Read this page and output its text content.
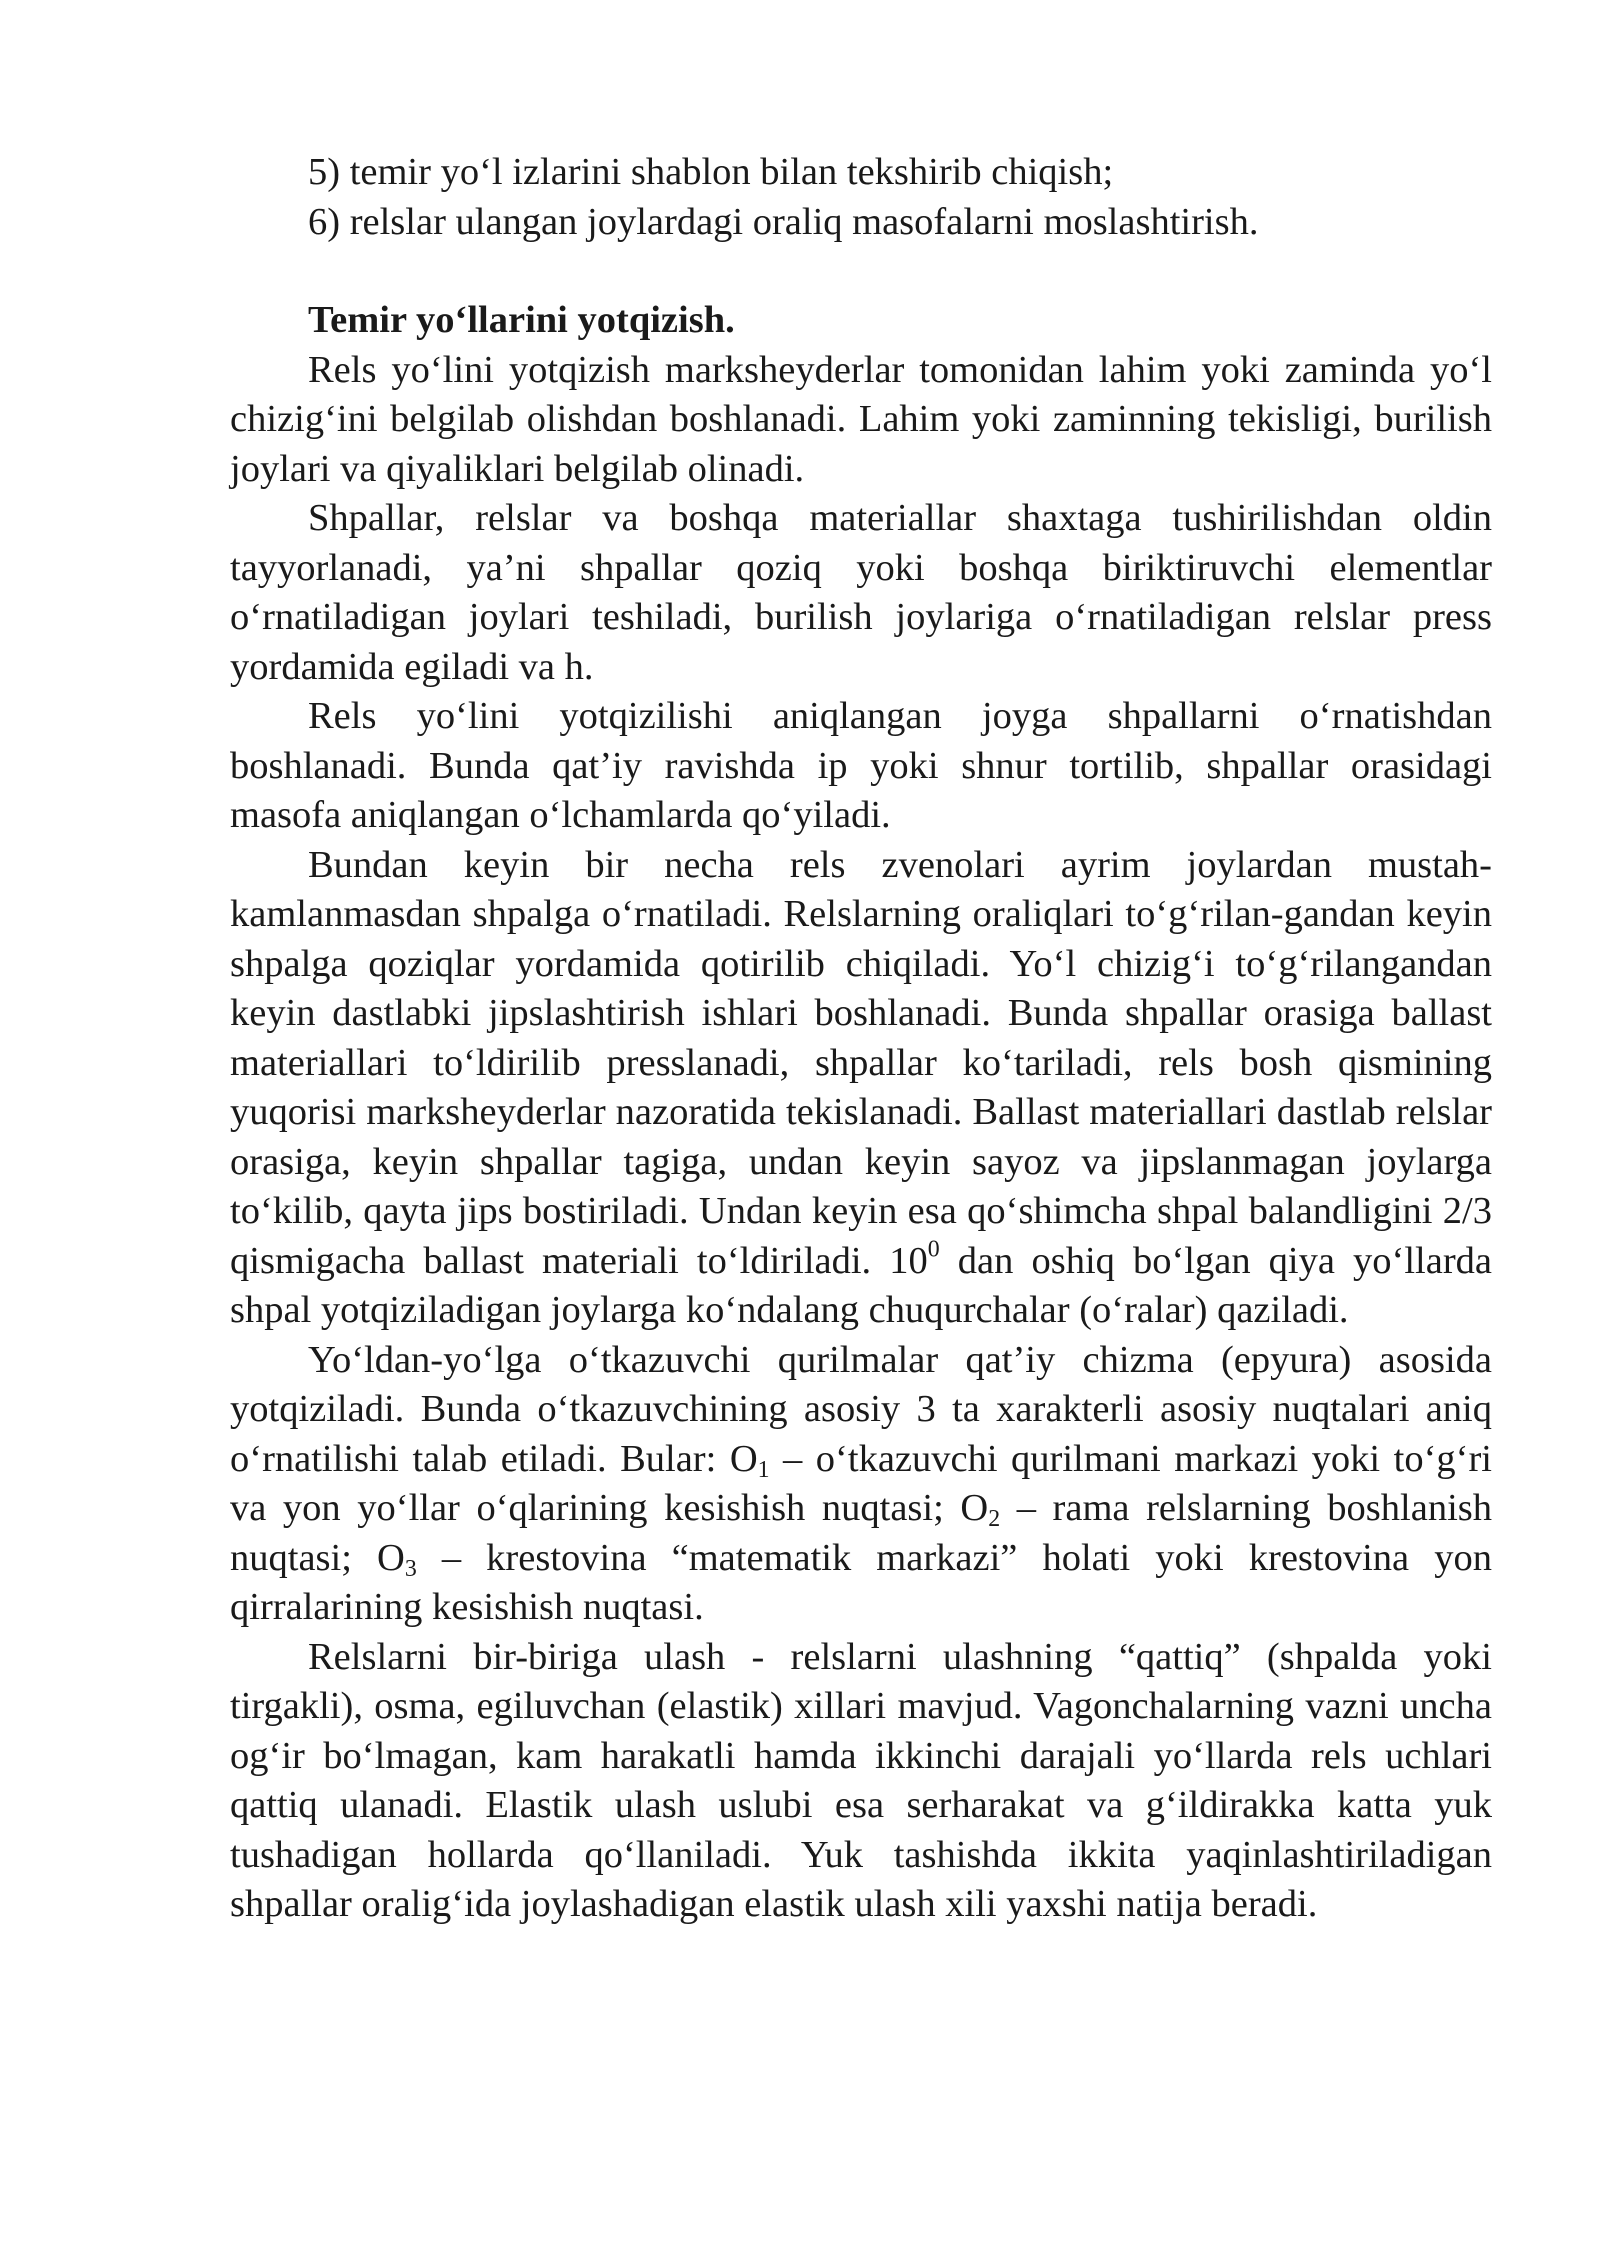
5) temir yo‘l izlarini shablon bilan tekshirib chiqish;

6) relslar ulangan joylardagi oraliq masofalarni moslashtirish.

Temir yo‘llarini yotqizish.

Rels yo‘lini yotqizish marksheyderlar tomonidan lahim yoki zaminda yo‘l chizig‘ini belgilab olishdan boshlanadi. Lahim yoki zaminning tekisligi, burilish joylari va qiyaliklari belgilab olinadi.

Shpallar, relslar va boshqa materiallar shaxtaga tushirilishdan oldin tayyorlanadi, ya’ni shpallar qoziq yoki boshqa biriktiruvchi elementlar o‘rnatiladigan joylari teshiladi, burilish joylariga o‘rnatiladigan relslar press yordamida egiladi va h.

Rels yo‘lini yotqizilishi aniqlangan joyga shpallarni o‘rnatishdan boshlanadi. Bunda qat’iy ravishda ip yoki shnur tortilib, shpallar orasidagi masofa aniqlangan o‘lchamlarda qo‘yiladi.

Bundan keyin bir necha rels zvenolari ayrim joylardan mustah-kamlanmasdan shpalga o‘rnatiladi. Relslarning oraliqlari to‘g‘rilan-gandan keyin shpalga qoziqlar yordamida qotirilib chiqiladi. Yo‘l chizig‘i to‘g‘rilangandan keyin dastlabki jipslashtirish ishlari boshlanadi. Bunda shpallar orasiga ballast materiallari to‘ldirilib presslanadi, shpallar ko‘tariladi, rels bosh qismining yuqorisi marksheyderlar nazoratida tekislanadi. Ballast materiallari dastlab relslar orasiga, keyin shpallar tagiga, undan keyin sayoz va jipslanmagan joylarga to‘kilib, qayta jips bostiriladi. Undan keyin esa qo‘shimcha shpal balandligini 2/3 qismigacha ballast materiali to‘ldiriladi. $10^0$ dan oshiq bo‘lgan qiya yo‘llarda shpal yotqiziladigan joylarga ko‘ndalang chuqurchalar (o‘ralar) qaziladi.

Yo‘ldan-yo‘lga o‘tkazuvchi qurilmalar qat’iy chizma (epyura) asosida yotqiziladi. Bunda o‘tkazuvchining asosiy 3 ta xarakterli asosiy nuqtalari aniq o‘rnatilishi talab etiladi. Bular: $O_1$ – o‘tkazuvchi qurilmani markazi yoki to‘g‘ri va yon yo‘llar o‘qlarining kesishish nuqtasi; $O_2$ – rama relslarning boshlanish nuqtasi; $O_3$ – krestovina “matematik markazi” holati yoki krestovina yon qirralarining kesishish nuqtasi.

Relslarni bir-biriga ulash - relslarni ulashning “qattiq” (shpalda yoki tirgakli), osma, egiluvchan (elastik) xillari mavjud. Vagonchalarning vazni uncha og‘ir bo‘lmagan, kam harakatli hamda ikkinchi darajali yo‘llarda rels uchlari qattiq ulanadi. Elastik ulash uslubi esa serharakat va g‘ildirakka katta yuk tushadigan hollarda qo‘llaniladi. Yuk tashishda ikkita yaqinlashtiriladigan shpallar oralig‘ida joylashadigan elastik ulash xili yaxshi natija beradi.
